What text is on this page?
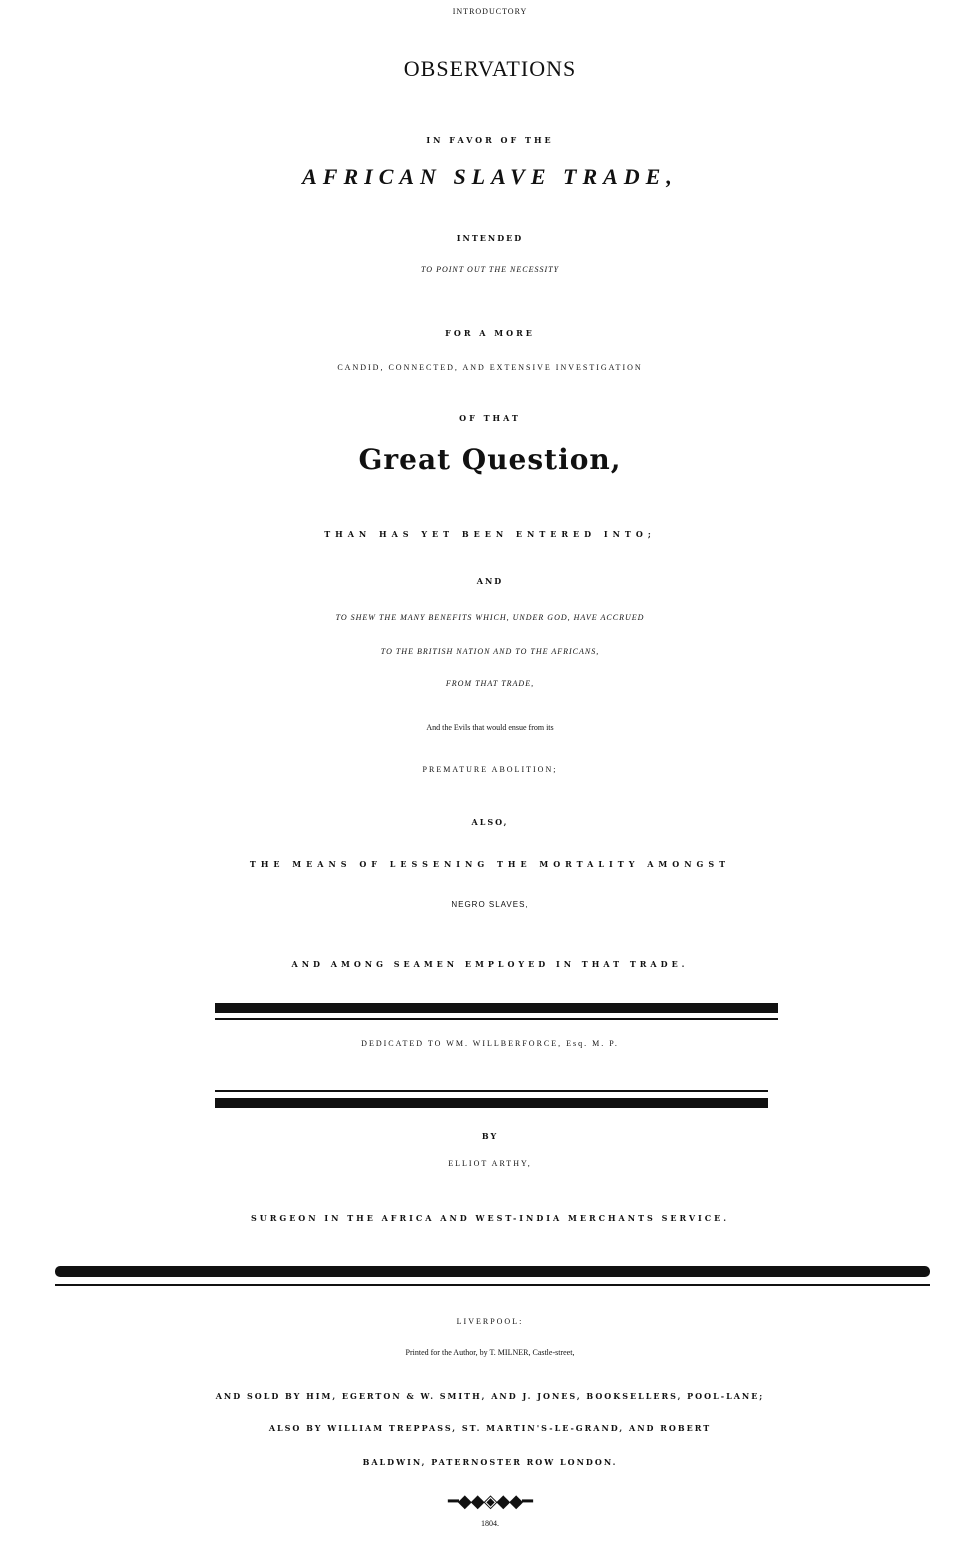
INTRODUCTORY
OBSERVATIONS
IN FAVOR OF THE
AFRICAN SLAVE TRADE,
INTENDED
TO POINT OUT THE NECESSITY
FOR A MORE
CANDID, CONNECTED, AND EXTENSIVE INVESTIGATION
OF THAT
Great Question,
THAN HAS YET BEEN ENTERED INTO;
AND
TO SHEW THE MANY BENEFITS WHICH, UNDER GOD, HAVE ACCRUED
TO THE BRITISH NATION AND TO THE AFRICANS,
FROM THAT TRADE,
And the Evils that would ensue from its
PREMATURE ABOLITION;
ALSO,
THE MEANS OF LESSENING THE MORTALITY AMONGST
NEGRO SLAVES,
AND AMONG SEAMEN EMPLOYED IN THAT TRADE.
DEDICATED TO WM. WILLBERFORCE, Esq. M. P.
BY
ELLIOT ARTHY,
SURGEON IN THE AFRICA AND WEST-INDIA MERCHANTS SERVICE.
LIVERPOOL:
Printed for the Author, by T. MILNER, Castle-street,
AND SOLD BY HIM, EGERTON & W. SMITH, AND J. JONES, BOOKSELLERS, POOL-LANE;
ALSO BY WILLIAM TREPPASS, ST. MARTIN'S-LE-GRAND, AND ROBERT
BALDWIN, PATERNOSTER ROW LONDON.
━◆◆◈◆◆━
1804.
